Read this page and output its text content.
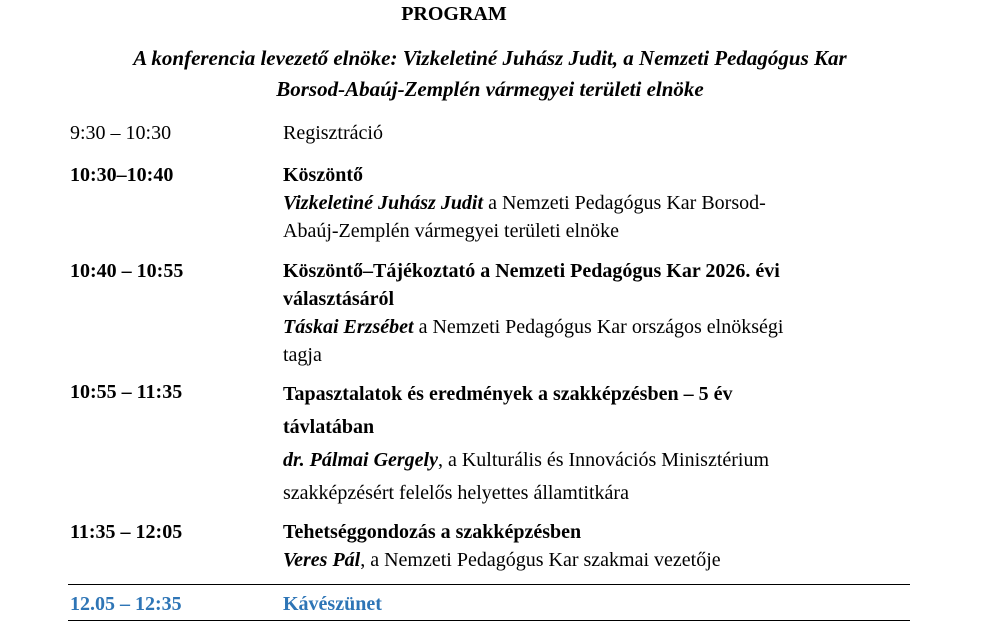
PROGRAM
A konferencia levezető elnöke: Vizkeletiné Juhász Judit, a Nemzeti Pedagógus Kar
Borsod-Abaúj-Zemplén vármegyei területi elnöke
9:30 – 10:30	Regisztráció
10:30–10:40	Köszöntő
Vizkeletiné Juhász Judit a Nemzeti Pedagógus Kar Borsod-
Abaúj-Zemplén vármegyei területi elnöke
10:40 – 10:55	Köszöntő–Tájékoztató a Nemzeti Pedagógus Kar 2026. évi
választásáról
Táskai Erzsébet a Nemzeti Pedagógus Kar országos elnökségi
tagja
10:55 – 11:35	Tapasztalatok és eredmények a szakképzésben – 5 év
távlatában
dr. Pálmai Gergely, a Kulturális és Innovációs Minisztérium
szakképzésért felelős helyettes államtitkára
11:35 – 12:05	Tehetséggondozás a szakképzésben
Veres Pál, a Nemzeti Pedagógus Kar szakmai vezetője
12.05 – 12:35	Kávészünet
